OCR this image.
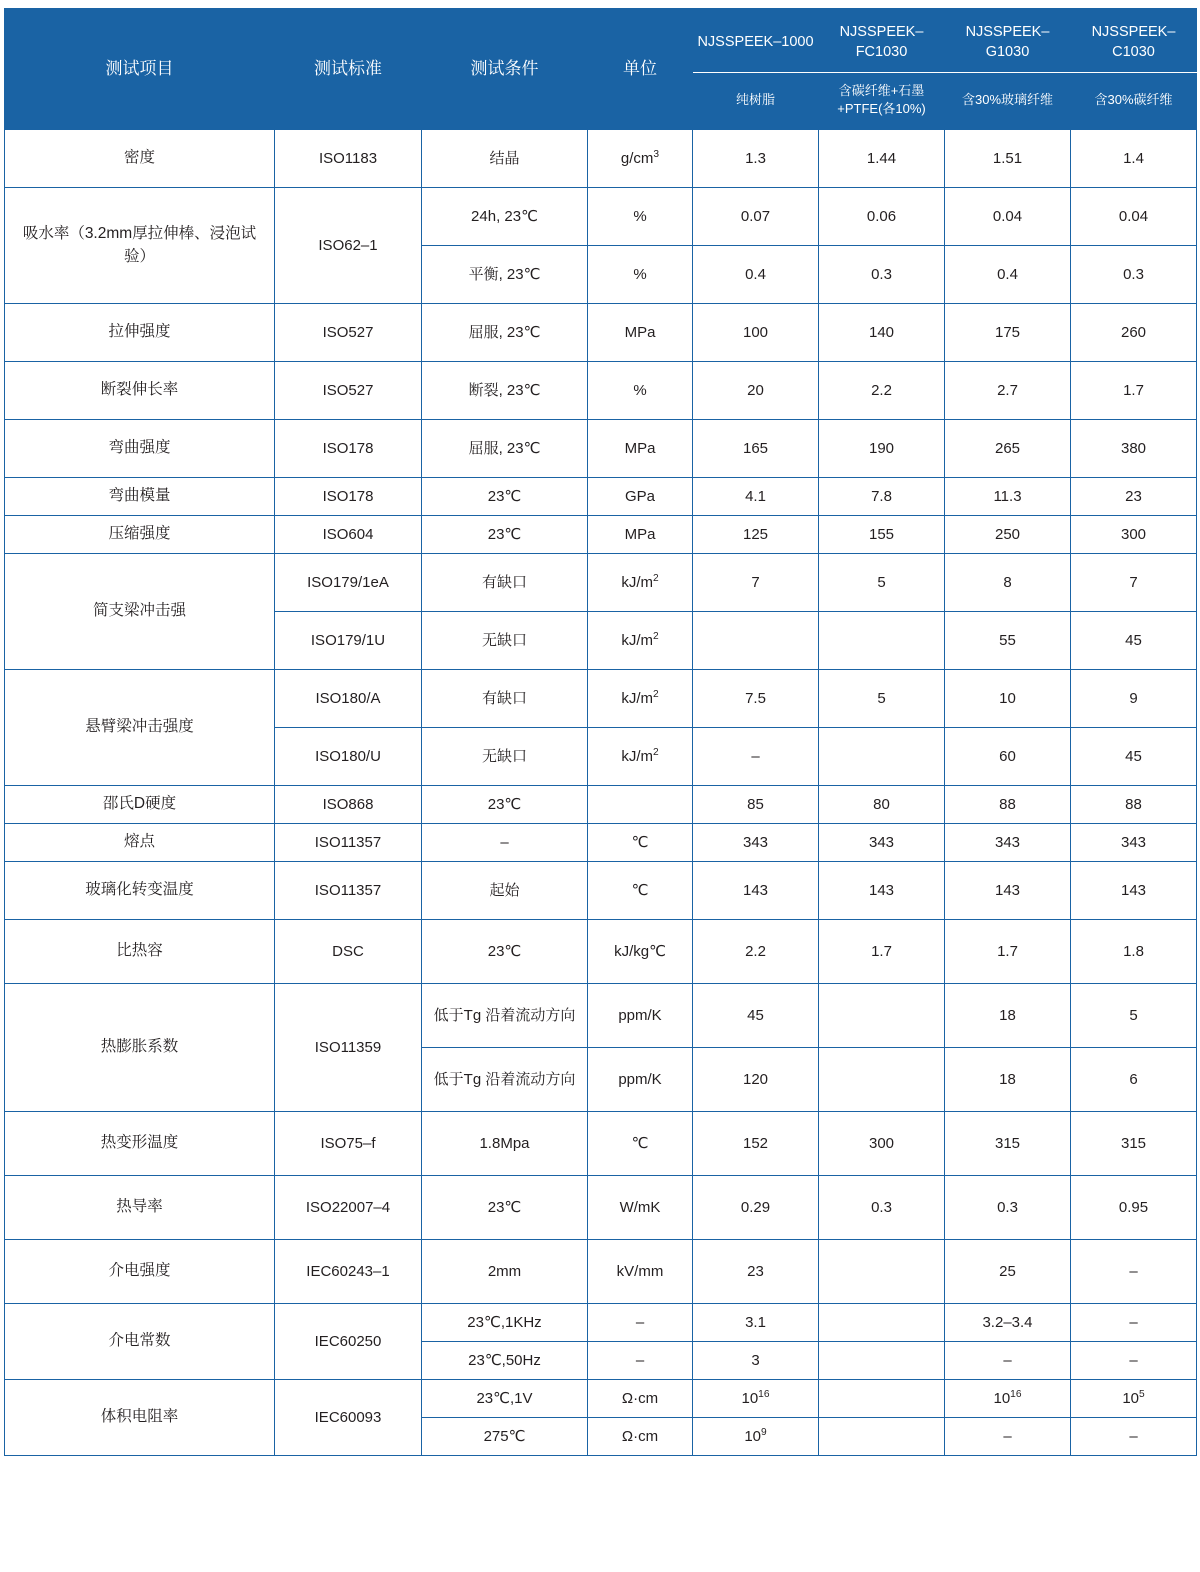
测试项目	测试标准	测试条件	单位	NJSSPEEK–1000	NJSSPEEK–FC1030	NJSSPEEK–G1030	NJSSPEEK–C1030
				纯树脂	含碳纤维+石墨+PTFE(各10%)	含30%玻璃纤维	含30%碳纤维
密度	ISO1183	结晶	$g/cm^3$	1.3	1.44	1.51	1.4
吸水率（3.2mm厚拉伸棒、浸泡试验）	ISO62–1	24h, 23℃	%	0.07	0.06	0.04	0.04
		平衡, 23℃	%	0.4	0.3	0.4	0.3
拉伸强度	ISO527	屈服, 23℃	MPa	100	140	175	260
断裂伸长率	ISO527	断裂, 23℃	%	20	2.2	2.7	1.7
弯曲强度	ISO178	屈服, 23℃	MPa	165	190	265	380
弯曲模量	ISO178	23℃	GPa	4.1	7.8	11.3	23
压缩强度	ISO604	23℃	MPa	125	155	250	300
简支梁冲击强	ISO179/1eA	有缺口	$kJ/m^2$	7	5	8	7
	ISO179/1U	无缺口	$kJ/m^2$			55	45
悬臂梁冲击强度	ISO180/A	有缺口	$kJ/m^2$	7.5	5	10	9
	ISO180/U	无缺口	$kJ/m^2$	–		60	45
邵氏D硬度	ISO868	23℃		85	80	88	88
熔点	ISO11357	–	℃	343	343	343	343
玻璃化转变温度	ISO11357	起始	℃	143	143	143	143
比热容	DSC	23℃	kJ/kg℃	2.2	1.7	1.7	1.8
热膨胀系数	ISO11359	低于Tg 沿着流动方向	ppm/K	45		18	5
		低于Tg 沿着流动方向	ppm/K	120		18	6
热变形温度	ISO75–f	1.8Mpa	℃	152	300	315	315
热导率	ISO22007–4	23℃	W/mK	0.29	0.3	0.3	0.95
介电强度	IEC60243–1	2mm	kV/mm	23		25	–
介电常数	IEC60250	23℃,1KHz	–	3.1		3.2–3.4	–
		23℃,50Hz	–	3		–	–
体积电阻率	IEC60093	23℃,1V	Ω·cm	$10^{16}$		$10^{16}$	$10^5$
		275℃	Ω·cm	$10^9$		–	–
